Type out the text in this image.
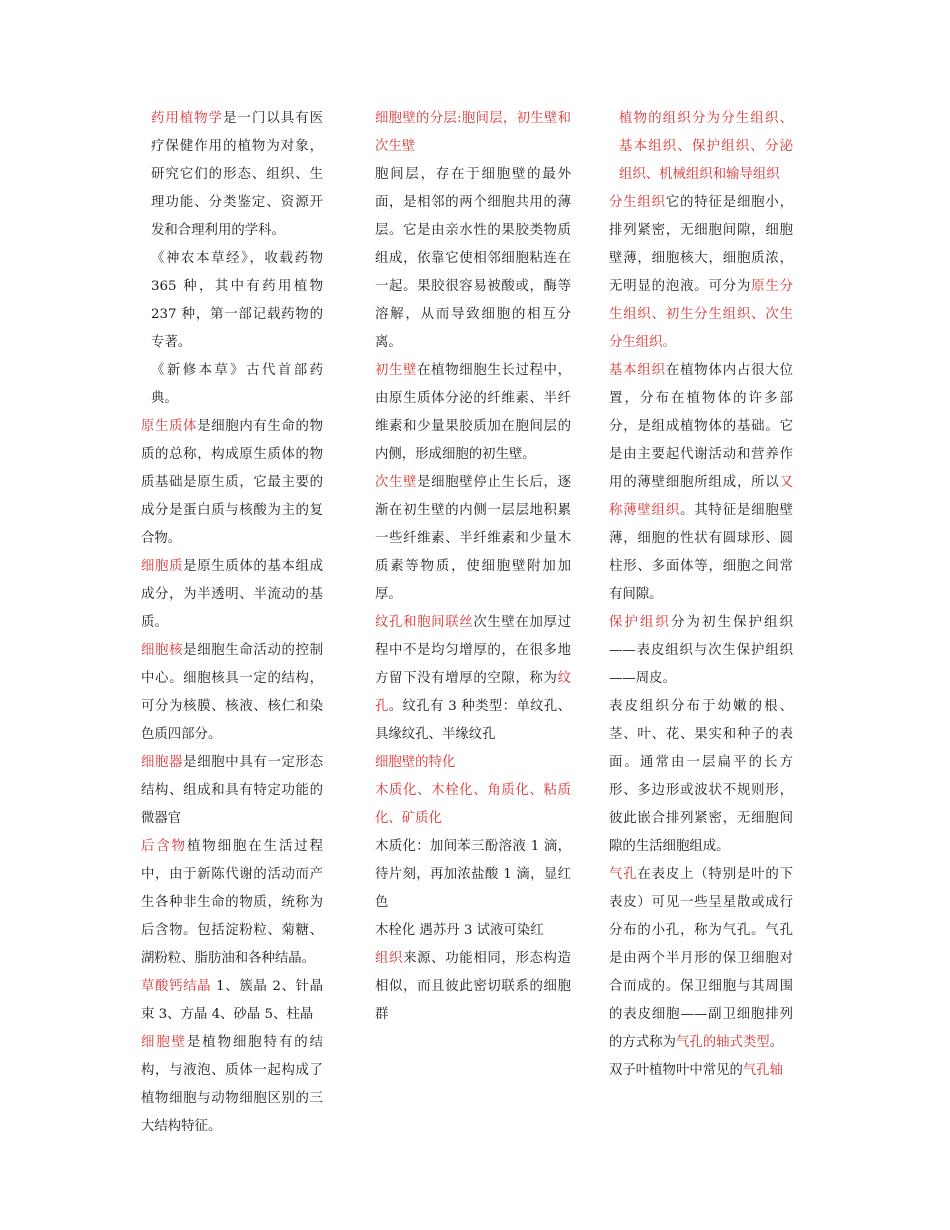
药用植物学是一门以具有医疗保健作用的植物为对象，研究它们的形态、组织、生理功能、分类鉴定、资源开发和合理利用的学科。

《神农本草经》，收载药物 365 种，其中有药用植物 237 种，第一部记载药物的专著。

《新修本草》古代首部药典。

原生质体是细胞内有生命的物质的总称，构成原生质体的物质基础是原生质，它最主要的成分是蛋白质与核酸为主的复合物。

细胞质是原生质体的基本组成成分，为半透明、半流动的基质。

细胞核是细胞生命活动的控制中心。细胞核具一定的结构，可分为核膜、核液、核仁和染色质四部分。

细胞器是细胞中具有一定形态结构、组成和具有特定功能的微器官

后含物植物细胞在生活过程中，由于新陈代谢的活动而产生各种非生命的物质，统称为后含物。包括淀粉粒、菊糖、湖粉粒、脂肪油和各种结晶。

草酸钙结晶 1、簇晶 2、针晶束 3、方晶 4、砂晶 5、柱晶

细胞壁是植物细胞特有的结构，与液泡、质体一起构成了植物细胞与动物细胞区别的三大结构特征。

细胞壁的分层:胞间层，初生壁和次生壁

胞间层，存在于细胞壁的最外面，是相邻的两个细胞共用的薄层。它是由亲水性的果胶类物质组成，依靠它使相邻细胞粘连在一起。果胶很容易被酸或，酶等溶解，从而导致细胞的相互分离。

初生壁在植物细胞生长过程中，由原生质体分泌的纤维素、半纤维素和少量果胶质加在胞间层的内侧，形成细胞的初生壁。

次生壁是细胞壁停止生长后，逐渐在初生壁的内侧一层层地积累一些纤维素、半纤维素和少量木质素等物质，使细胞壁附加加厚。

纹孔和胞间联丝次生壁在加厚过程中不是均匀增厚的，在很多地方留下没有增厚的空隙，称为纹孔。纹孔有 3 种类型：单纹孔、具缘纹孔、半缘纹孔

细胞壁的特化

木质化、木栓化、角质化、粘质化、矿质化

木质化：加间苯三酚溶液 1 滴，待片刻，再加浓盐酸 1 滴，显红色

木栓化 遇苏丹 3 试液可染红

组织来源、功能相同，形态构造相似，而且彼此密切联系的细胞群

植物的组织分为分生组织、基本组织、保护组织、分泌组织、机械组织和输导组织

分生组织它的特征是细胞小，排列紧密，无细胞间隙，细胞壁薄，细胞核大，细胞质浓，无明显的泡液。可分为原生分生组织、初生分生组织、次生分生组织。

基本组织在植物体内占很大位置，分布在植物体的许多部分，是组成植物体的基础。它是由主要起代谢活动和营养作用的薄壁细胞所组成，所以又称薄壁组织。其特征是细胞壁薄，细胞的性状有圆球形、圆柱形、多面体等，细胞之间常有间隙。

保护组织分为初生保护组织——表皮组织与次生保护组织——周皮。

表皮组织分布于幼嫩的根、茎、叶、花、果实和种子的表面。通常由一层扁平的长方形、多边形或波状不规则形，彼此嵌合排列紧密，无细胞间隙的生活细胞组成。

气孔在表皮上（特别是叶的下表皮）可见一些呈星散或成行分布的小孔，称为气孔。气孔是由两个半月形的保卫细胞对合而成的。保卫细胞与其周围的表皮细胞——副卫细胞排列的方式称为气孔的轴式类型。

双子叶植物叶中常见的气孔轴
